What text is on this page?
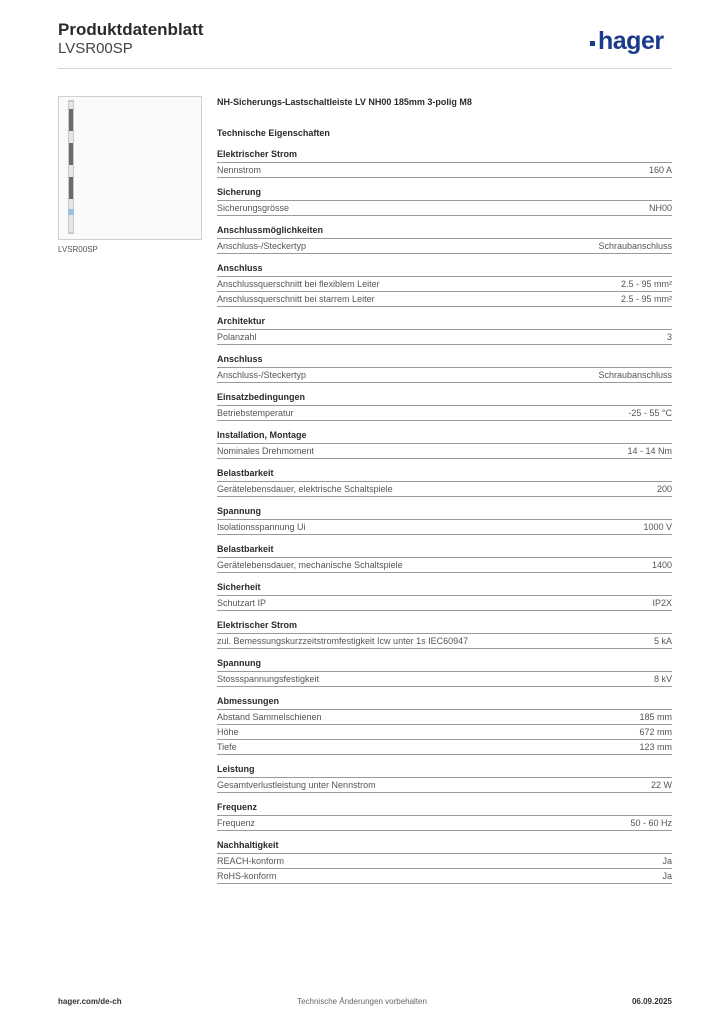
Produktdatenblatt
LVSR00SP	hager
LVSR00SP
NH-Sicherungs-Lastschaltleiste LV NH00 185mm 3-polig M8
Technische Eigenschaften
Elektrischer Strom
Nennstrom	160 A
Sicherung
Sicherungsgrösse	NH00
Anschlussmöglichkeiten
Anschluss-/Steckertyp	Schraubanschluss
Anschluss
Anschlussquerschnitt bei flexiblem Leiter	2.5 - 95 mm²
Anschlussquerschnitt bei starrem Leiter	2.5 - 95 mm²
Architektur
Polanzahl	3
Anschluss
Anschluss-/Steckertyp	Schraubanschluss
Einsatzbedingungen
Betriebstemperatur	-25 - 55 °C
Installation, Montage
Nominales Drehmoment	14 - 14 Nm
Belastbarkeit
Gerätelebensdauer, elektrische Schaltspiele	200
Spannung
Isolationsspannung Ui	1000 V
Belastbarkeit
Gerätelebensdauer, mechanische Schaltspiele	1400
Sicherheit
Schutzart IP	IP2X
Elektrischer Strom
zul. Bemessungskurzzeitstromfestigkeit Icw unter 1s IEC60947	5 kA
Spannung
Stossspannungsfestigkeit	8 kV
Abmessungen
Abstand Sammelschienen	185 mm
Höhe	672 mm
Tiefe	123 mm
Leistung
Gesamtverlustleistung unter Nennstrom	22 W
Frequenz
Frequenz	50 - 60 Hz
Nachhaltigkeit
REACH-konform	Ja
RoHS-konform	Ja
hager.com/de-ch	Technische Änderungen vorbehalten	06.09.2025
